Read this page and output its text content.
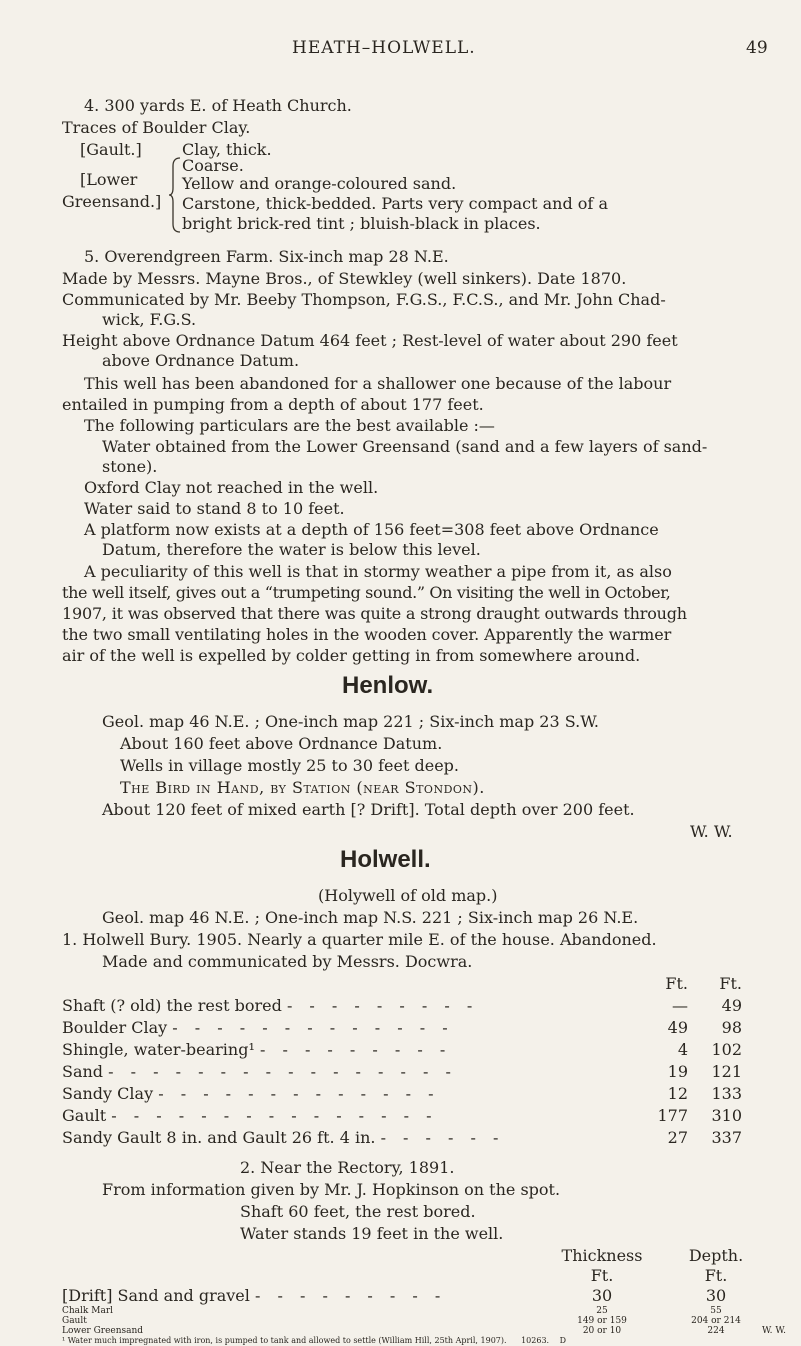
HEATH–HOLWELL.	49
4. 300 yards E. of Heath Church.
Traces of Boulder Clay.
[Gault.]	Clay, thick.
[Lower
Greensand.]
Coarse.
Yellow and orange-coloured sand.
Carstone, thick-bedded. Parts very compact and of a
bright brick-red tint ; bluish-black in places.
5. Overendgreen Farm. Six-inch map 28 N.E.
Made by Messrs. Mayne Bros., of Stewkley (well sinkers). Date 1870.
Communicated by Mr. Beeby Thompson, F.G.S., F.C.S., and Mr. John Chad-
wick, F.G.S.
Height above Ordnance Datum 464 feet ; Rest-level of water about 290 feet
above Ordnance Datum.
This well has been abandoned for a shallower one because of the labour
entailed in pumping from a depth of about 177 feet.
The following particulars are the best available :—
Water obtained from the Lower Greensand (sand and a few layers of sand-
stone).
Oxford Clay not reached in the well.
Water said to stand 8 to 10 feet.
A platform now exists at a depth of 156 feet=308 feet above Ordnance
Datum, therefore the water is below this level.
A peculiarity of this well is that in stormy weather a pipe from it, as also
the well itself, gives out a “trumpeting sound.” On visiting the well in October,
1907, it was observed that there was quite a strong draught outwards through
the two small ventilating holes in the wooden cover. Apparently the warmer
air of the well is expelled by colder getting in from somewhere around.
Henlow.
Geol. map 46 N.E. ; One-inch map 221 ; Six-inch map 23 S.W.
About 160 feet above Ordnance Datum.
Wells in village mostly 25 to 30 feet deep.
The Bird in Hand, by Station (near Stondon).
About 120 feet of mixed earth [? Drift]. Total depth over 200 feet.
W. W.
Holwell.
(Holywell of old map.)
Geol. map 46 N.E. ; One-inch map N.S. 221 ; Six-inch map 26 N.E.
1. Holwell Bury. 1905. Nearly a quarter mile E. of the house. Abandoned.
Made and communicated by Messrs. Docwra.
Ft.	Ft.
Shaft (? old) the rest bored - - - - - - - - -	—	49
Boulder Clay - - - - - - - - - - - - -	49	98
Shingle, water-bearing¹ - - - - - - - - -	4	102
Sand - - - - - - - - - - - - - - - -	19	121
Sandy Clay - - - - - - - - - - - - -	12	133
Gault - - - - - - - - - - - - - - -	177	310
Sandy Gault 8 in. and Gault 26 ft. 4 in. - - - - - -	27	337
2. Near the Rectory, 1891.
From information given by Mr. J. Hopkinson on the spot.
Shaft 60 feet, the rest bored.
Water stands 19 feet in the well.
Thickness	Depth.
Ft.	Ft.
[Drift] Sand and gravel - - - - - - - - -	30	30
Chalk Marl	25	55
Gault	149 or 159	204 or 214
Lower Greensand	20 or 10	224	W. W.
¹ Water much impregnated with iron, is pumped to tank and allowed to settle (William Hill, 25th April, 1907). 10263. D
